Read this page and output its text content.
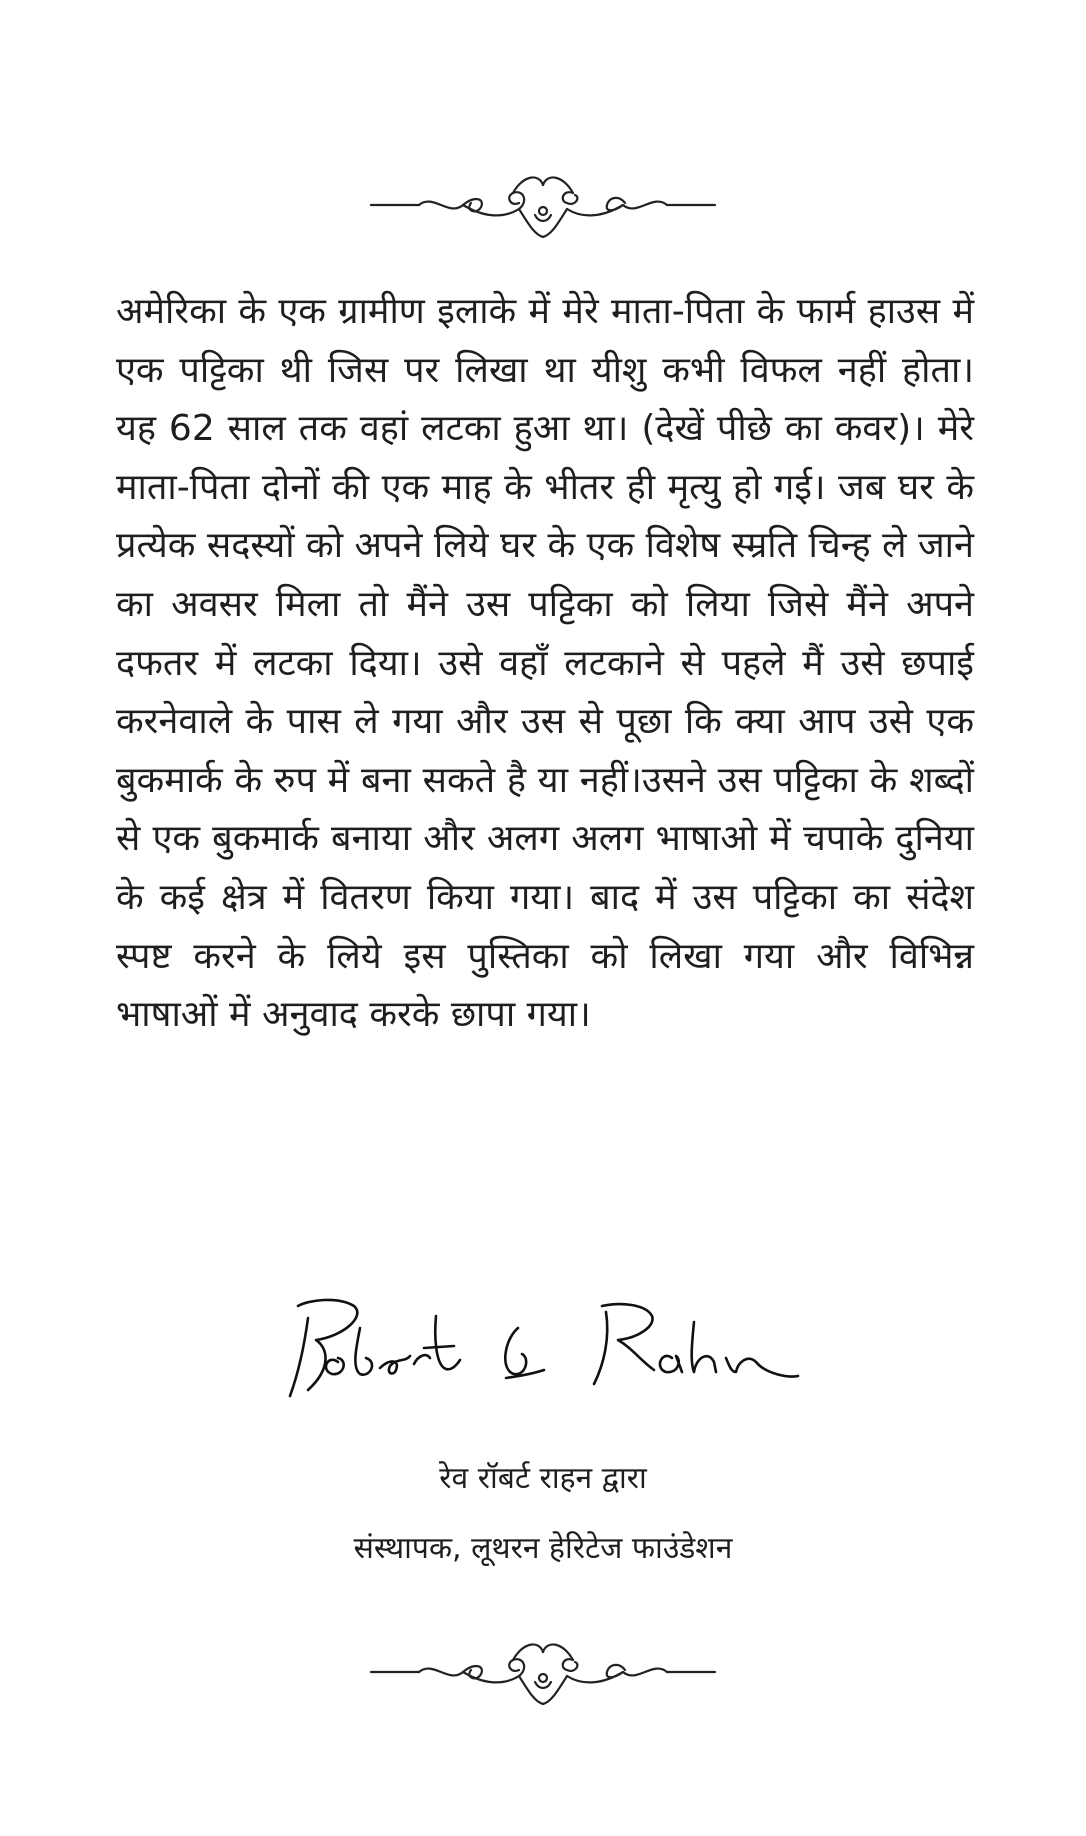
अमेरिका के एक ग्रामीण इलाके में मेरे माता-पिता के फार्म हाउस में एक पट्टिका थी जिस पर लिखा था यीशु कभी विफल नहीं होता। यह 62 साल तक वहां लटका हुआ था। (देखें पीछे का कवर)। मेरे माता-पिता दोनों की एक माह के भीतर ही मृत्यु हो गई। जब घर के प्रत्येक सदस्यों को अपने लिये घर के एक विशेष स्म्रति चिन्ह ले जाने का अवसर मिला तो मैंने उस पट्टिका को लिया जिसे मैंने अपने दफतर में लटका दिया। उसे वहाँ लटकाने से पहले मैं उसे छपाई करनेवाले के पास ले गया और उस से पूछा कि क्या आप उसे एक बुकमार्क के रुप में बना सकते है या नहीं।उसने उस पट्टिका के शब्दों से एक बुकमार्क बनाया और अलग अलग भाषाओ में चपाके दुनिया के कई क्षेत्र में वितरण किया गया। बाद में उस पट्टिका का संदेश स्पष्ट करने के लिये इस पुस्तिका को लिखा गया और विभिन्न भाषाओं में अनुवाद करके छापा गया।

रेव रॉबर्ट राहन द्वारा

संस्थापक, लूथरन हेरिटेज फाउंडेशन
